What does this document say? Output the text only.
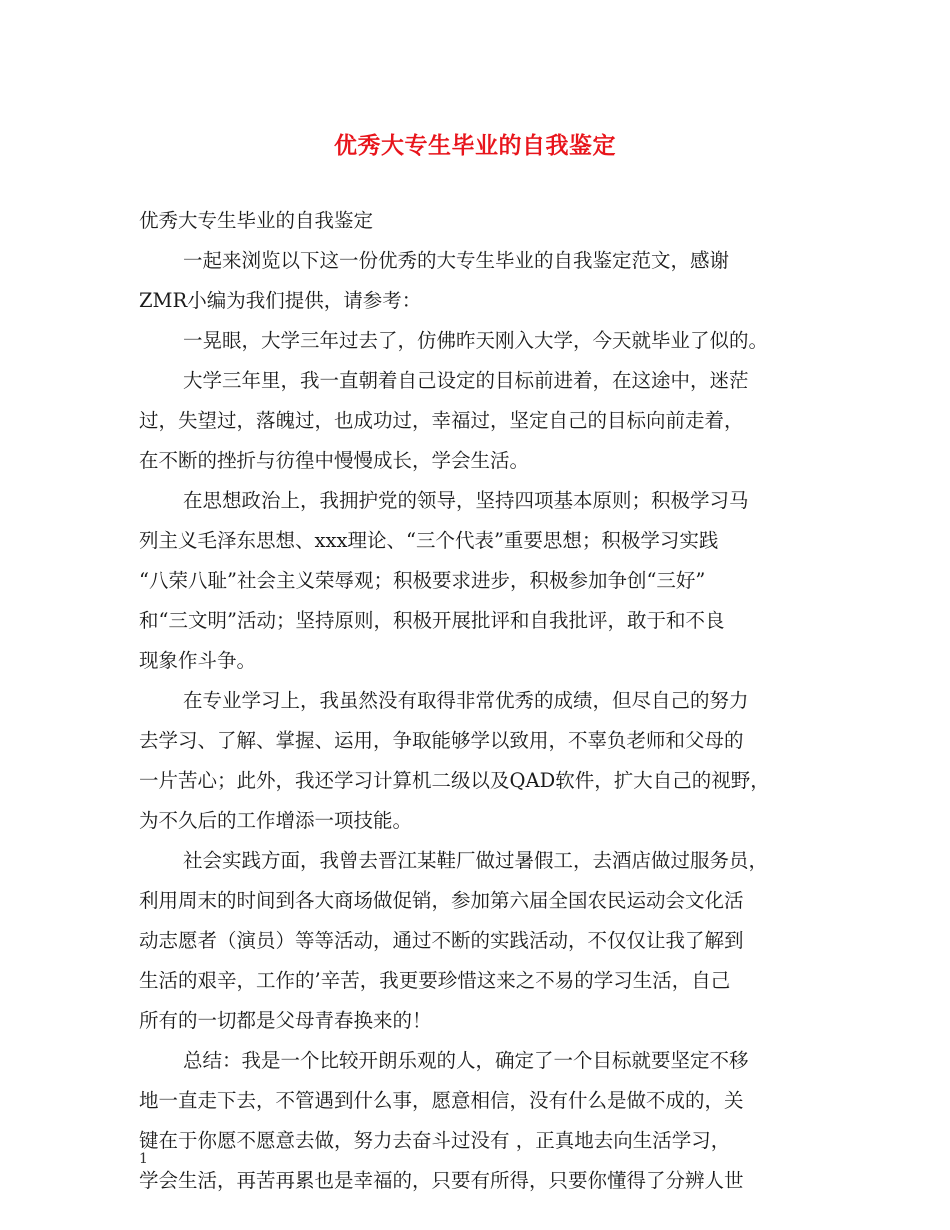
优秀大专生毕业的自我鉴定
优秀大专生毕业的自我鉴定
一起来浏览以下这一份优秀的大专生毕业的自我鉴定范文，感谢
ZMR小编为我们提供，请参考：
一晃眼，大学三年过去了，仿佛昨天刚入大学，今天就毕业了似的。
大学三年里，我一直朝着自己设定的目标前进着，在这途中，迷茫
过，失望过，落魄过，也成功过，幸福过，坚定自己的目标向前走着，
在不断的挫折与彷徨中慢慢成长，学会生活。
在思想政治上，我拥护党的领导，坚持四项基本原则；积极学习马
列主义毛泽东思想、xxx理论、“三个代表”重要思想；积极学习实践
“八荣八耻”社会主义荣辱观；积极要求进步，积极参加争创“三好”
和“三文明”活动；坚持原则，积极开展批评和自我批评，敢于和不良
现象作斗争。
在专业学习上，我虽然没有取得非常优秀的成绩，但尽自己的努力
去学习、了解、掌握、运用，争取能够学以致用，不辜负老师和父母的
一片苦心；此外，我还学习计算机二级以及QAD软件，扩大自己的视野，
为不久后的工作增添一项技能。
社会实践方面，我曾去晋江某鞋厂做过暑假工，去酒店做过服务员，
利用周末的时间到各大商场做促销，参加第六届全国农民运动会文化活
动志愿者（演员）等等活动，通过不断的实践活动，不仅仅让我了解到
生活的艰辛，工作的’辛苦，我更要珍惜这来之不易的学习生活，自己
所有的一切都是父母青春换来的！
总结：我是一个比较开朗乐观的人，确定了一个目标就要坚定不移
地一直走下去，不管遇到什么事，愿意相信，没有什么是做不成的，关
键在于你愿不愿意去做，努力去奋斗过没有 ，正真地去向生活学习，
学会生活，再苦再累也是幸福的，只要有所得，只要你懂得了分辨人世
1
